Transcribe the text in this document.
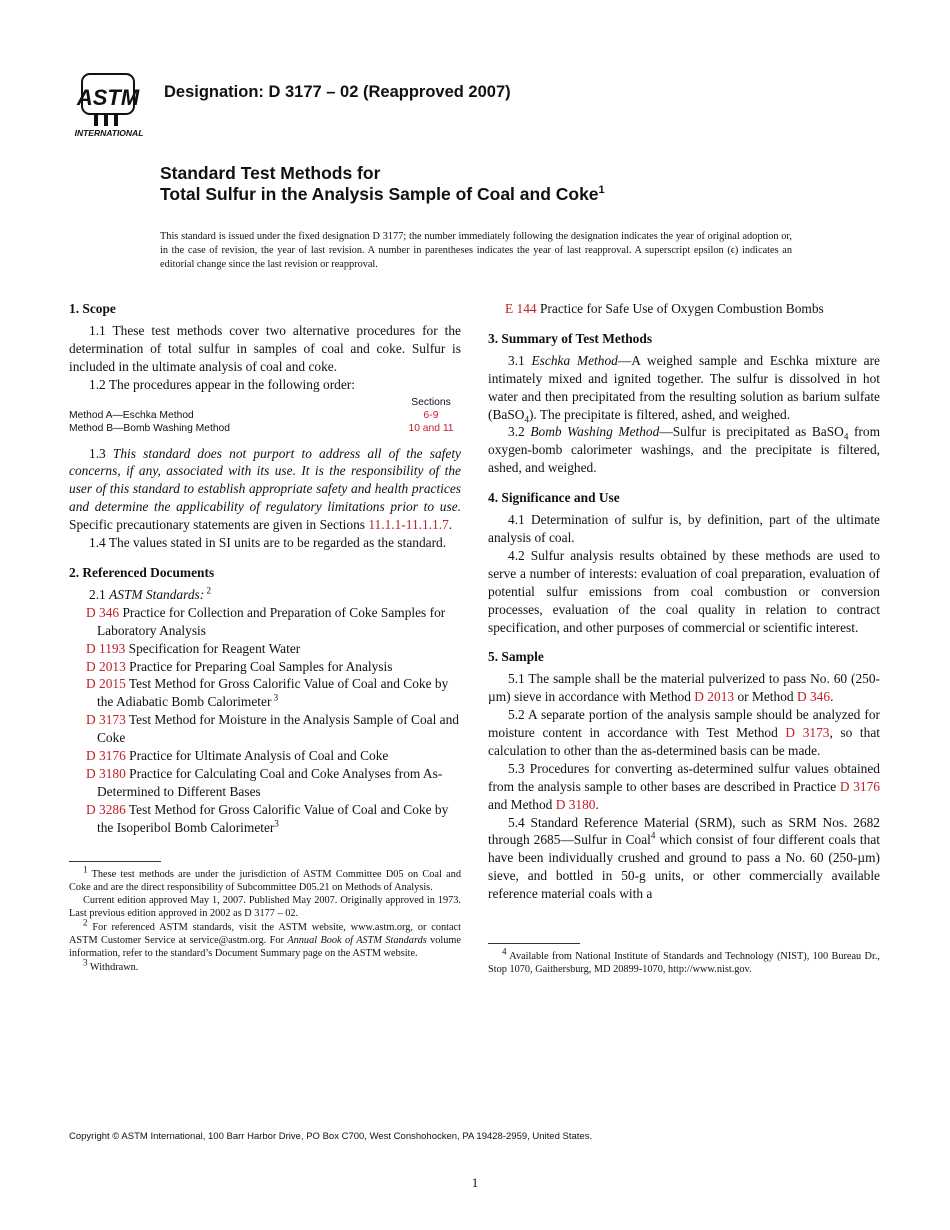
ASTM
INTERNATIONAL
Designation: D 3177 – 02 (Reapproved 2007)
Standard Test Methods for
Total Sulfur in the Analysis Sample of Coal and Coke$^1$
This standard is issued under the fixed designation D 3177; the number immediately following the designation indicates the year of original adoption or, in the case of revision, the year of last revision. A number in parentheses indicates the year of last reapproval. A superscript epsilon (ϵ) indicates an editorial change since the last revision or reapproval.

1. Scope

1.1 These test methods cover two alternative procedures for the determination of total sulfur in samples of coal and coke. Sulfur is included in the ultimate analysis of coal and coke.

1.2 The procedures appear in the following order:

Sections
Method A—Eschka Method	6-9
Method B—Bomb Washing Method	10 and 11

1.3 This standard does not purport to address all of the safety concerns, if any, associated with its use. It is the responsibility of the user of this standard to establish appropriate safety and health practices and determine the applicability of regulatory limitations prior to use. Specific precautionary statements are given in Sections 11.1.1-11.1.1.7.

1.4 The values stated in SI units are to be regarded as the standard.

2. Referenced Documents

2.1 ASTM Standards: $^2$

D 346 Practice for Collection and Preparation of Coke Samples for Laboratory Analysis

D 1193 Specification for Reagent Water

D 2013 Practice for Preparing Coal Samples for Analysis

D 2015 Test Method for Gross Calorific Value of Coal and Coke by the Adiabatic Bomb Calorimeter $^3$

D 3173 Test Method for Moisture in the Analysis Sample of Coal and Coke

D 3176 Practice for Ultimate Analysis of Coal and Coke

D 3180 Practice for Calculating Coal and Coke Analyses from As-Determined to Different Bases

D 3286 Test Method for Gross Calorific Value of Coal and Coke by the Isoperibol Bomb Calorimeter$^3$

$^1$ These test methods are under the jurisdiction of ASTM Committee D05 on Coal and Coke and are the direct responsibility of Subcommittee D05.21 on Methods of Analysis.

Current edition approved May 1, 2007. Published May 2007. Originally approved in 1973. Last previous edition approved in 2002 as D 3177 – 02.

$^2$ For referenced ASTM standards, visit the ASTM website, www.astm.org, or contact ASTM Customer Service at service@astm.org. For Annual Book of ASTM Standards volume information, refer to the standard’s Document Summary page on the ASTM website.

$^3$ Withdrawn.

E 144 Practice for Safe Use of Oxygen Combustion Bombs

3. Summary of Test Methods

3.1 Eschka Method—A weighed sample and Eschka mixture are intimately mixed and ignited together. The sulfur is dissolved in hot water and then precipitated from the resulting solution as barium sulfate (BaSO$_4$). The precipitate is filtered, ashed, and weighed.

3.2 Bomb Washing Method—Sulfur is precipitated as BaSO$_4$ from oxygen-bomb calorimeter washings, and the precipitate is filtered, ashed, and weighed.

4. Significance and Use

4.1 Determination of sulfur is, by definition, part of the ultimate analysis of coal.

4.2 Sulfur analysis results obtained by these methods are used to serve a number of interests: evaluation of coal preparation, evaluation of potential sulfur emissions from coal combustion or conversion processes, evaluation of the coal quality in relation to contract specification, and other purposes of commercial or scientific interest.

5. Sample

5.1 The sample shall be the material pulverized to pass No. 60 (250-µm) sieve in accordance with Method D 2013 or Method D 346.

5.2 A separate portion of the analysis sample should be analyzed for moisture content in accordance with Test Method D 3173, so that calculation to other than the as-determined basis can be made.

5.3 Procedures for converting as-determined sulfur values obtained from the analysis sample to other bases are described in Practice D 3176 and Method D 3180.

5.4 Standard Reference Material (SRM), such as SRM Nos. 2682 through 2685—Sulfur in Coal$^4$ which consist of four different coals that have been individually crushed and ground to pass a No. 60 (250-µm) sieve, and bottled in 50-g units, or other commercially available reference material coals with a

$^4$ Available from National Institute of Standards and Technology (NIST), 100 Bureau Dr., Stop 1070, Gaithersburg, MD 20899-1070, http://www.nist.gov.

Copyright © ASTM International, 100 Barr Harbor Drive, PO Box C700, West Conshohocken, PA 19428-2959, United States.
1
